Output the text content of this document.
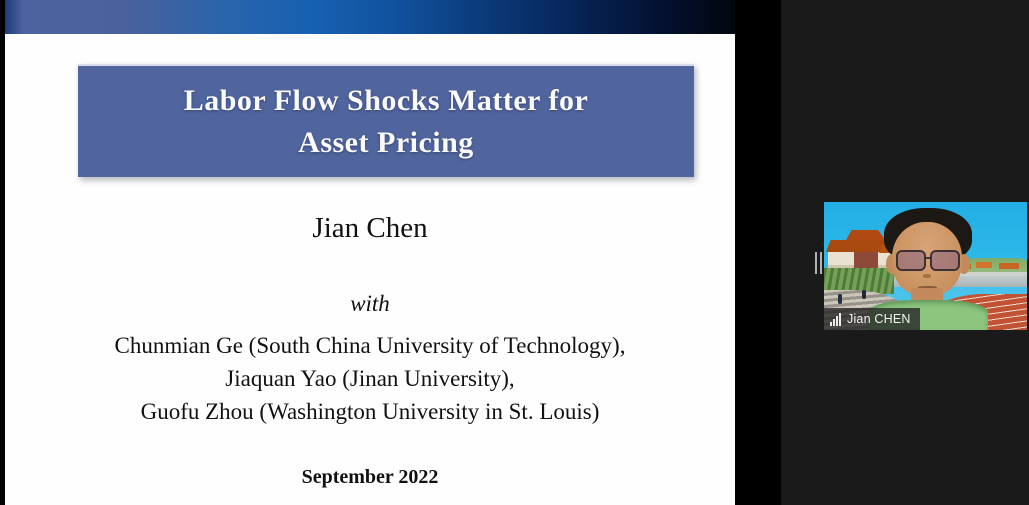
Labor Flow Shocks Matter for
Asset Pricing
Jian Chen
with
Chunmian Ge (South China University of Technology),
Jiaquan Yao (Jinan University),
Guofu Zhou (Washington University in St. Louis)
September 2022
Jian CHEN
